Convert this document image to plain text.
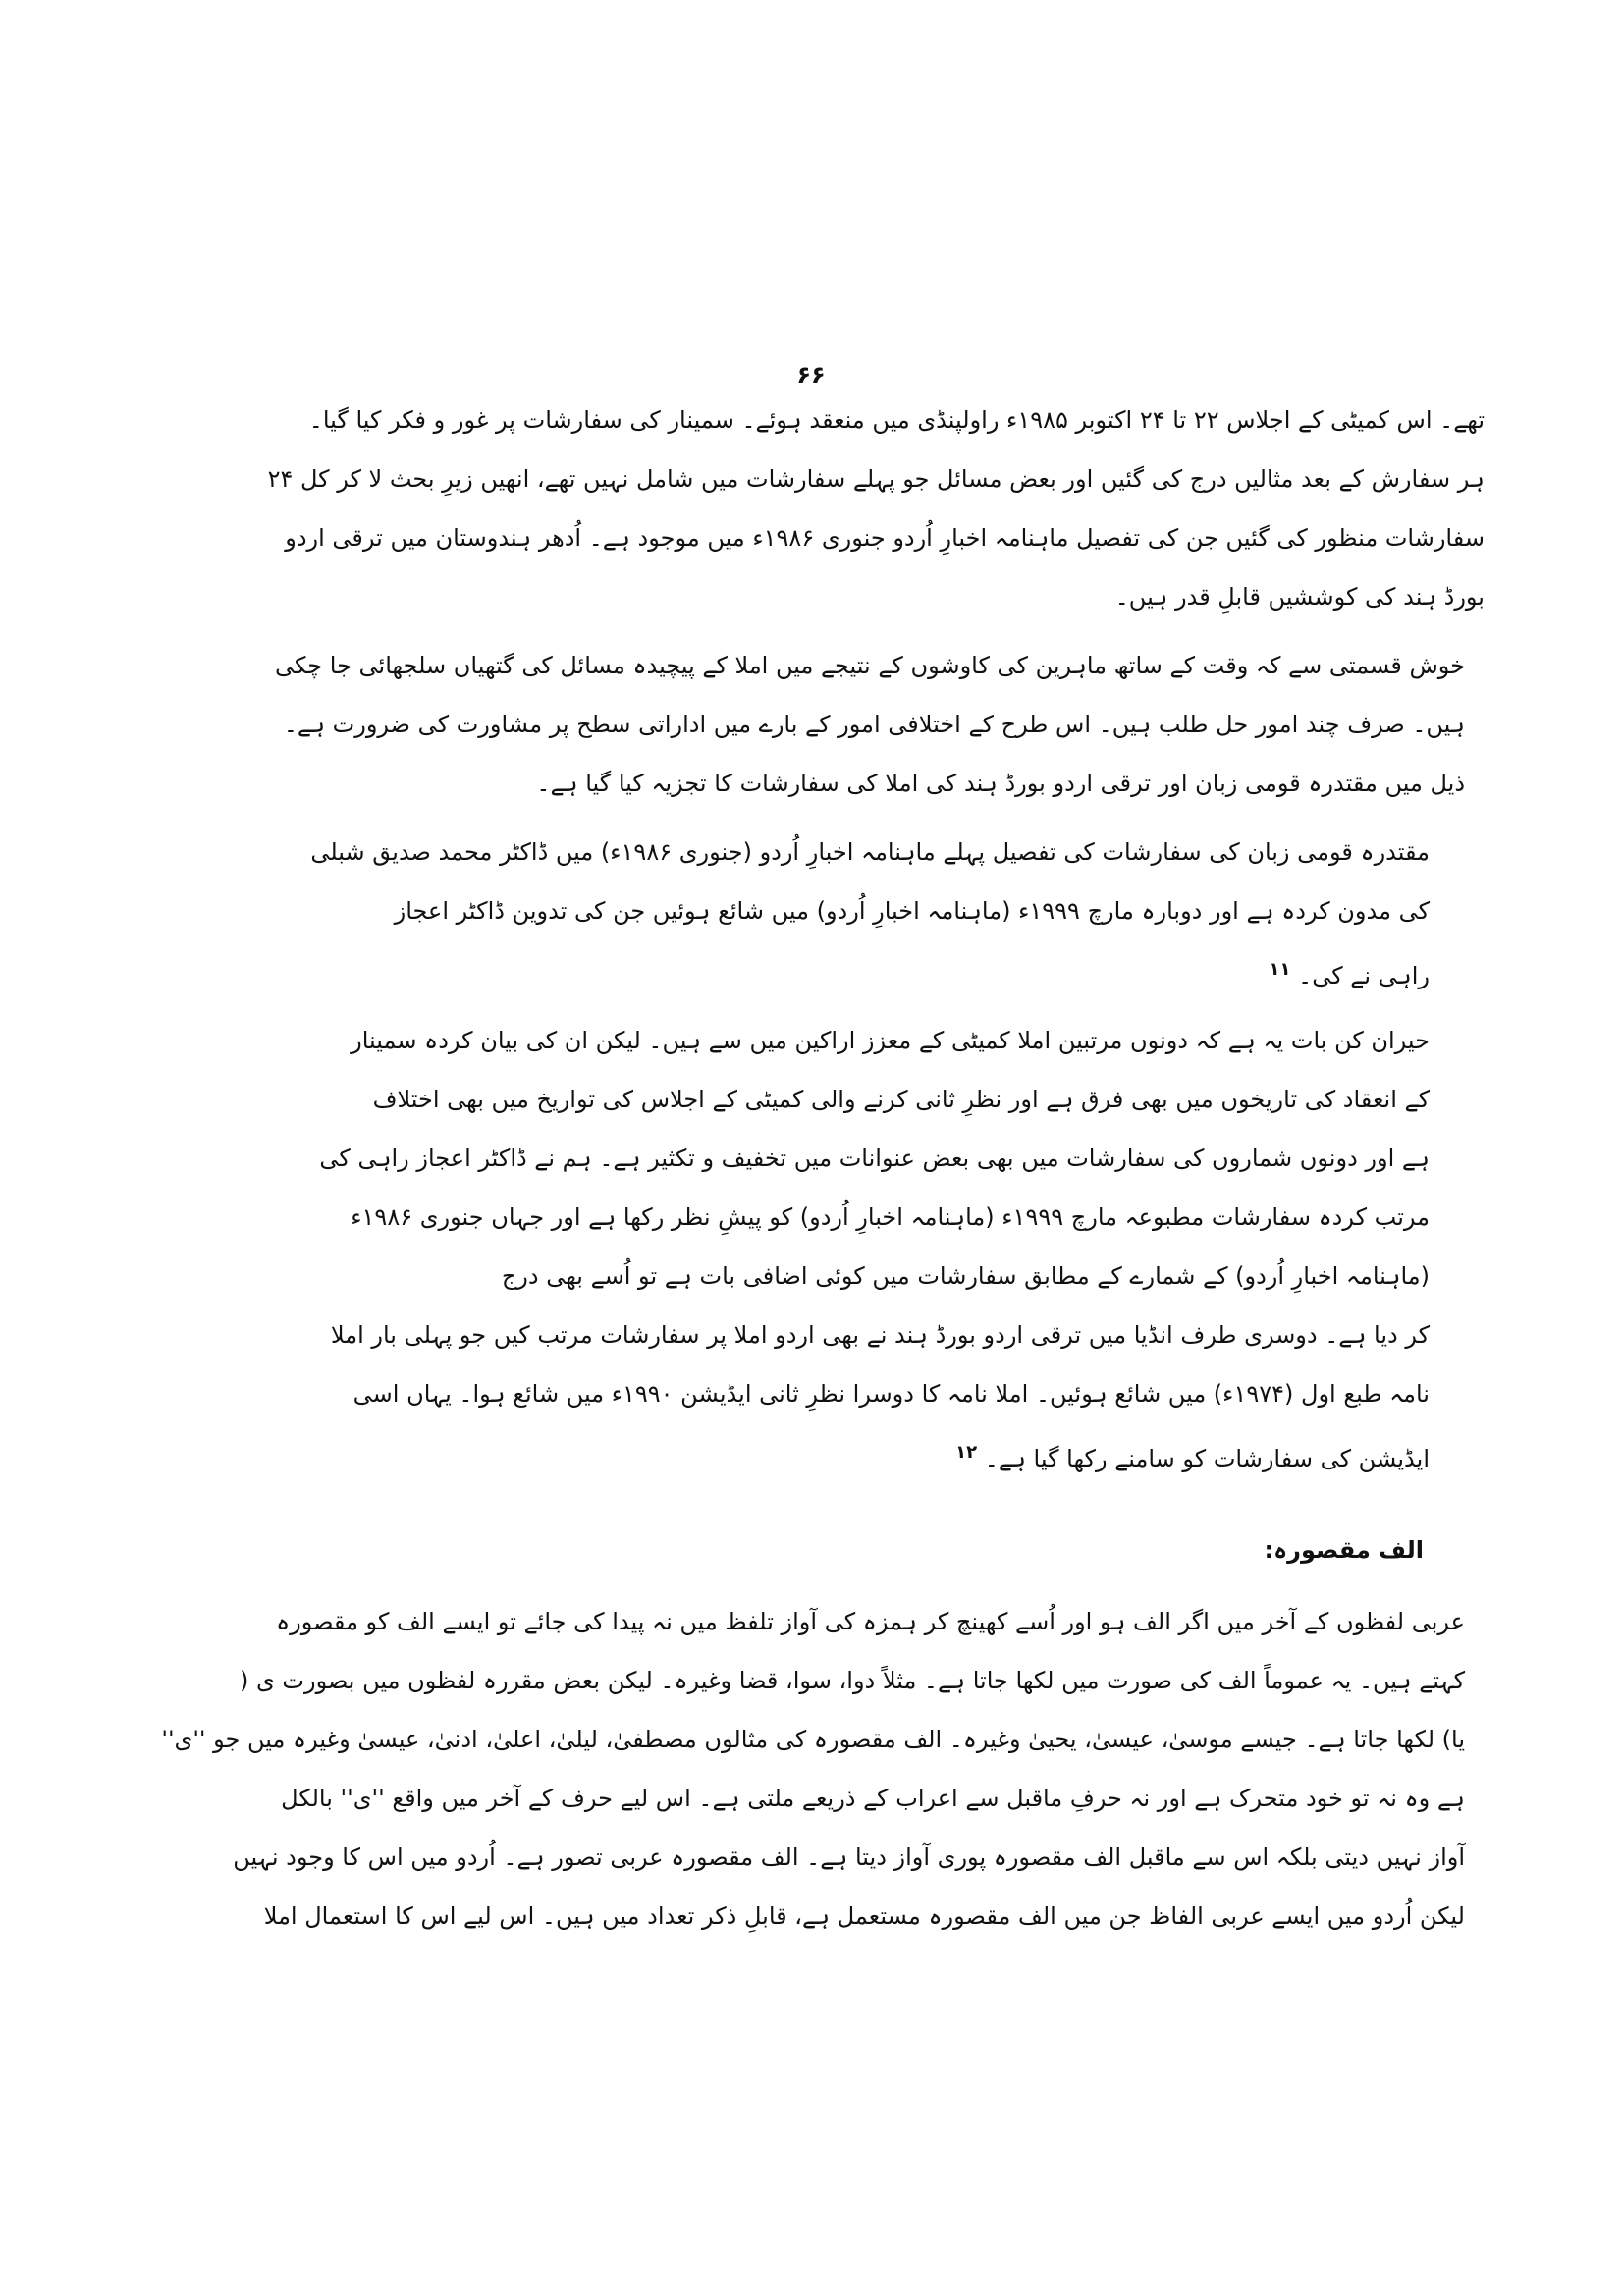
۶۶
تھے۔ اس کمیٹی کے اجلاس ۲۲ تا ۲۴ اکتوبر ۱۹۸۵ء راولپنڈی میں منعقد ہوئے۔ سمینار کی سفارشات پر غور و فکر کیا گیا۔
ہر سفارش کے بعد مثالیں درج کی گئیں اور بعض مسائل جو پہلے سفارشات میں شامل نہیں تھے، انھیں زیرِ بحث لا کر کل ۲۴
سفارشات منظور کی گئیں جن کی تفصیل ماہنامہ اخبارِ اُردو جنوری ۱۹۸۶ء میں موجود ہے۔ اُدھر ہندوستان میں ترقی اردو
بورڈ ہند کی کوششیں قابلِ قدر ہیں۔
خوش قسمتی سے کہ وقت کے ساتھ ماہرین کی کاوشوں کے نتیجے میں املا کے پیچیدہ مسائل کی گتھیاں سلجھائی جا چکی
ہیں۔ صرف چند امور حل طلب ہیں۔ اس طرح کے اختلافی امور کے بارے میں اداراتی سطح پر مشاورت کی ضرورت ہے۔
ذیل میں مقتدرہ قومی زبان اور ترقی اردو بورڈ ہند کی املا کی سفارشات کا تجزیہ کیا گیا ہے۔
مقتدرہ قومی زبان کی سفارشات کی تفصیل پہلے ماہنامہ اخبارِ اُردو (جنوری ۱۹۸۶ء) میں ڈاکٹر محمد صدیق شبلی
کی مدون کردہ ہے اور دوبارہ مارچ ۱۹۹۹ء (ماہنامہ اخبارِ اُردو) میں شائع ہوئیں جن کی تدوین ڈاکٹر اعجاز
راہی نے کی۔ $^{۱۱}$
حیران کن بات یہ ہے کہ دونوں مرتبین املا کمیٹی کے معزز اراکین میں سے ہیں۔ لیکن ان کی بیان کردہ سمینار
کے انعقاد کی تاریخوں میں بھی فرق ہے اور نظرِ ثانی کرنے والی کمیٹی کے اجلاس کی تواریخ میں بھی اختلاف
ہے اور دونوں شماروں کی سفارشات میں بھی بعض عنوانات میں تخفیف و تکثیر ہے۔ ہم نے ڈاکٹر اعجاز راہی کی
مرتب کردہ سفارشات مطبوعہ مارچ ۱۹۹۹ء (ماہنامہ اخبارِ اُردو) کو پیشِ نظر رکھا ہے اور جہاں جنوری ۱۹۸۶ء
(ماہنامہ اخبارِ اُردو) کے شمارے کے مطابق سفارشات میں کوئی اضافی بات ہے تو اُسے بھی درج
کر دیا ہے۔ دوسری طرف انڈیا میں ترقی اردو بورڈ ہند نے بھی اردو املا پر سفارشات مرتب کیں جو پہلی بار املا
نامہ طبع اول (۱۹۷۴ء) میں شائع ہوئیں۔ املا نامہ کا دوسرا نظرِ ثانی ایڈیشن ۱۹۹۰ء میں شائع ہوا۔ یہاں اسی
ایڈیشن کی سفارشات کو سامنے رکھا گیا ہے۔ $^{۱۲}$
الف مقصورہ:
عربی لفظوں کے آخر میں اگر الف ہو اور اُسے کھینچ کر ہمزہ کی آواز تلفظ میں نہ پیدا کی جائے تو ایسے الف کو مقصورہ
کہتے ہیں۔ یہ عموماً الف کی صورت میں لکھا جاتا ہے۔ مثلاً دوا، سوا، قضا وغیرہ۔ لیکن بعض مقررہ لفظوں میں بصورت ی (
یا) لکھا جاتا ہے۔ جیسے موسیٰ، عیسیٰ، یحییٰ وغیرہ۔ الف مقصورہ کی مثالوں مصطفیٰ، لیلیٰ، اعلیٰ، ادنیٰ، عیسیٰ وغیرہ میں جو ''ی''
ہے وہ نہ تو خود متحرک ہے اور نہ حرفِ ماقبل سے اعراب کے ذریعے ملتی ہے۔ اس لیے حرف کے آخر میں واقع ''ی'' بالکل
آواز نہیں دیتی بلکہ اس سے ماقبل الف مقصورہ پوری آواز دیتا ہے۔ الف مقصورہ عربی تصور ہے۔ اُردو میں اس کا وجود نہیں
لیکن اُردو میں ایسے عربی الفاظ جن میں الف مقصورہ مستعمل ہے، قابلِ ذکر تعداد میں ہیں۔ اس لیے اس کا استعمال املا
